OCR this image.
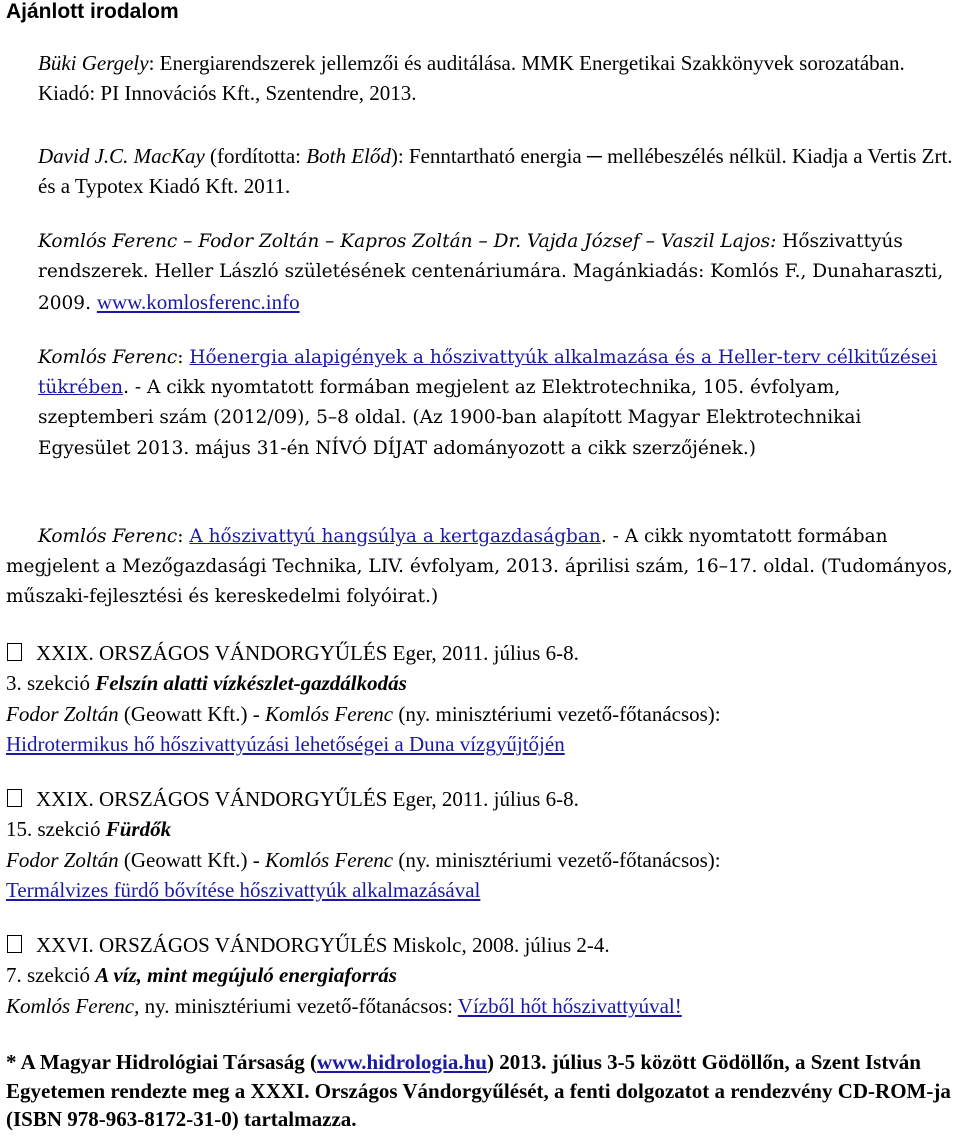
Ajánlott irodalom

Büki Gergely: Energiarendszerek jellemzői és auditálása. MMK Energetikai Szakkönyvek sorozatában. Kiadó: PI Innovációs Kft., Szentendre, 2013.

David J.C. MacKay (fordította: Both Előd): Fenntartható energia ─ mellébeszélés nélkül. Kiadja a Vertis Zrt. és a Typotex Kiadó Kft. 2011.

Komlós Ferenc – Fodor Zoltán – Kapros Zoltán – Dr. Vajda József – Vaszil Lajos: Hőszivattyús rendszerek. Heller László születésének centenáriumára. Magánkiadás: Komlós F., Dunaharaszti, 2009. www.komlosferenc.info

Komlós Ferenc: Hőenergia alapigények a hőszivattyúk alkalmazása és a Heller-terv célkitűzései tükrében. - A cikk nyomtatott formában megjelent az Elektrotechnika, 105. évfolyam, szeptemberi szám (2012/09), 5–8 oldal. (Az 1900-ban alapított Magyar Elektrotechnikai Egyesület 2013. május 31-én NÍVÓ DÍJAT adományozott a cikk szerzőjének.)

Komlós Ferenc: A hőszivattyú hangsúlya a kertgazdaságban. - A cikk nyomtatott formában megjelent a Mezőgazdasági Technika, LIV. évfolyam, 2013. áprilisi szám, 16–17. oldal. (Tudományos, műszaki-fejlesztési és kereskedelmi folyóirat.)

XXIX. ORSZÁGOS VÁNDORGYŰLÉS Eger, 2011. július 6-8.
3. szekció Felszín alatti vízkészlet-gazdálkodás
Fodor Zoltán (Geowatt Kft.) - Komlós Ferenc (ny. minisztériumi vezető-főtanácsos):
Hidrotermikus hő hőszivattyúzási lehetőségei a Duna vízgyűjtőjén
XXIX. ORSZÁGOS VÁNDORGYŰLÉS Eger, 2011. július 6-8.
15. szekció Fürdők
Fodor Zoltán (Geowatt Kft.) - Komlós Ferenc (ny. minisztériumi vezető-főtanácsos):
Termálvizes fürdő bővítése hőszivattyúk alkalmazásával
XXVI. ORSZÁGOS VÁNDORGYŰLÉS Miskolc, 2008. július 2-4.
7. szekció A víz, mint megújuló energiaforrás
Komlós Ferenc, ny. minisztériumi vezető-főtanácsos: Vízből hőt hőszivattyúval!

* A Magyar Hidrológiai Társaság (www.hidrologia.hu) 2013. július 3-5 között Gödöllőn, a Szent István Egyetemen rendezte meg a XXXI. Országos Vándorgyűlését, a fenti dolgozatot a rendezvény CD-ROM-ja (ISBN 978-963-8172-31-0) tartalmazza.
